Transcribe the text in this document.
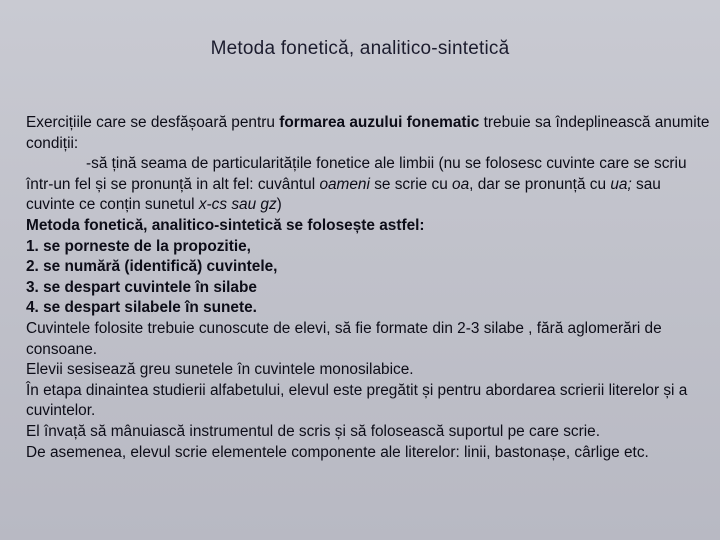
Metoda fonetică, analitico-sintetică

Exercițiile care se desfășoară pentru formarea auzului fonematic trebuie sa îndeplinească anumite condiții:

-să țină seama de particularitățile fonetice ale limbii (nu se folosesc cuvinte care se scriu într-un fel și se pronunță in alt fel: cuvântul oameni se scrie cu oa, dar se pronunță cu ua; sau cuvinte ce conțin sunetul x-cs sau gz)

Metoda fonetică, analitico-sintetică se folosește astfel:

1. se porneste de la propozitie,

2. se numără (identifică) cuvintele,

3. se despart cuvintele în silabe

4. se despart silabele în sunete.

Cuvintele folosite trebuie cunoscute de elevi, să fie formate din 2-3 silabe , fără aglomerări de consoane.

Elevii sesisează greu sunetele în cuvintele monosilabice.

În etapa dinaintea studierii alfabetului, elevul este pregătit și pentru abordarea scrierii literelor și a cuvintelor.

El învață să mânuiască instrumentul de scris și să folosească suportul pe care scrie.

De asemenea, elevul scrie elementele componente ale literelor: linii, bastonașe, cârlige etc.
